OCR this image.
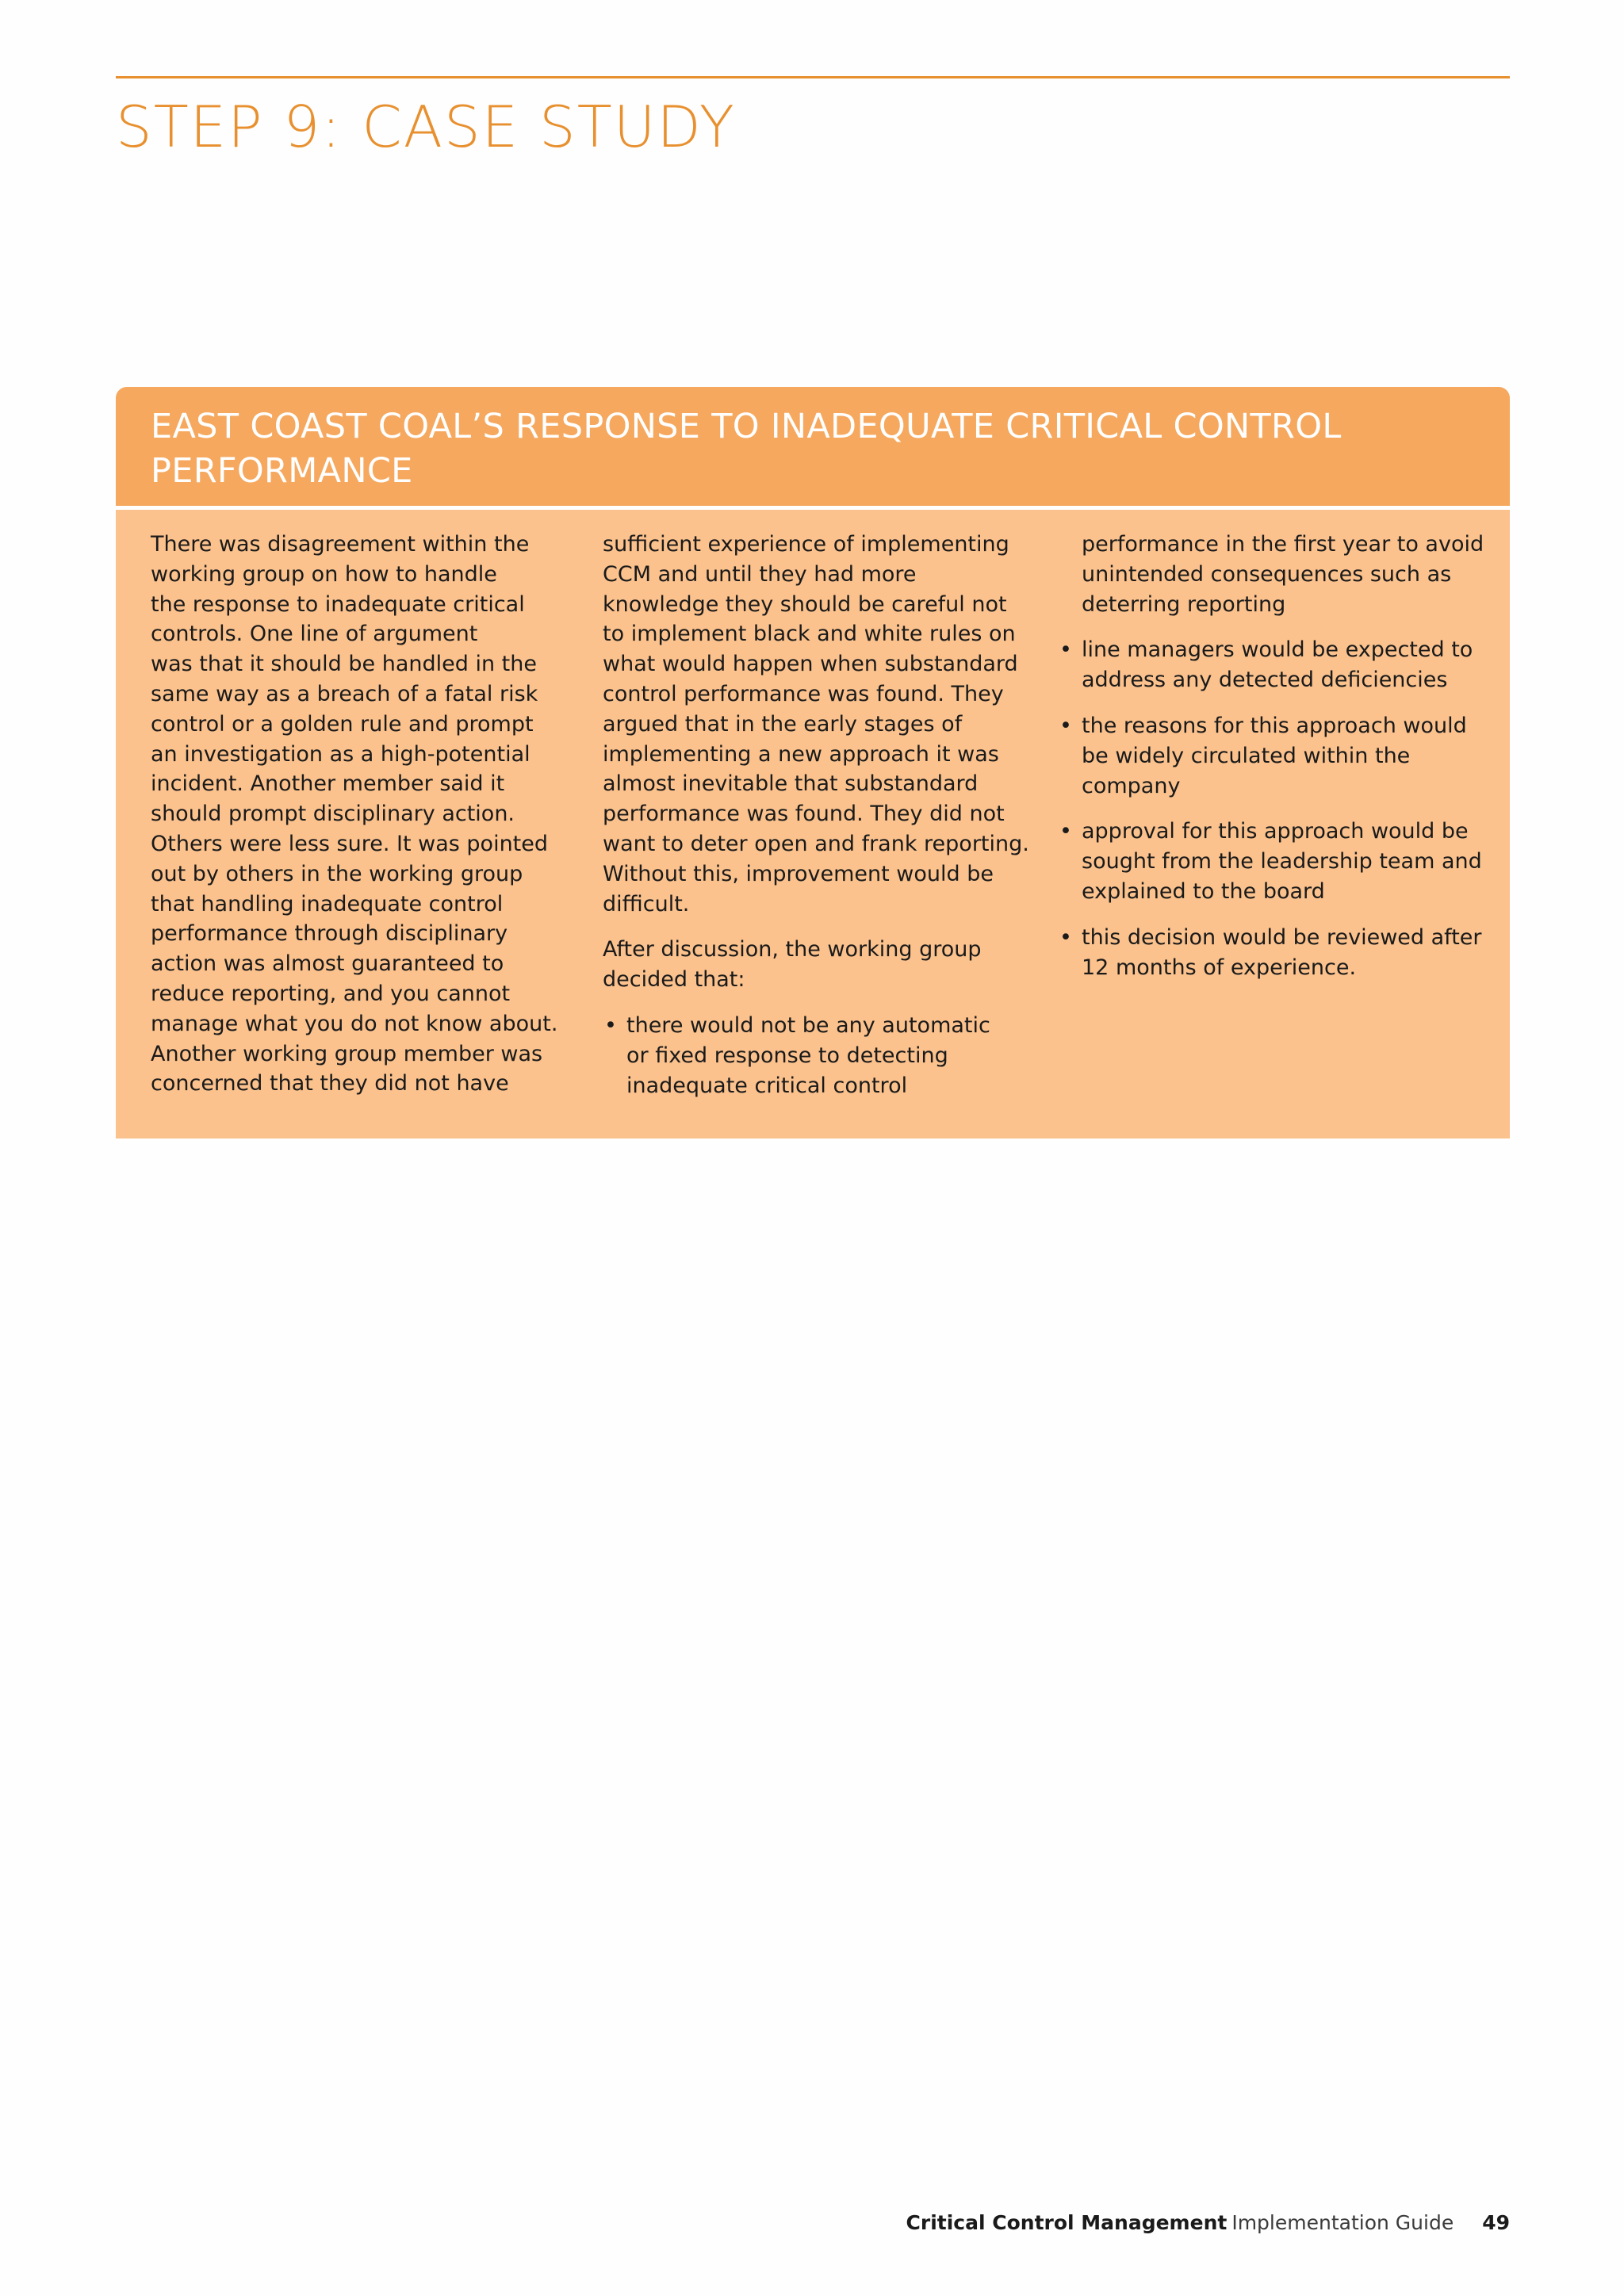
STEP 9: CASE STUDY
EAST COAST COAL’S RESPONSE TO INADEQUATE CRITICAL CONTROL
PERFORMANCE

There was disagreement within the
working group on how to handle
the response to inadequate critical
controls. One line of argument
was that it should be handled in the
same way as a breach of a fatal risk
control or a golden rule and prompt
an investigation as a high-potential
incident. Another member said it
should prompt disciplinary action.
Others were less sure. It was pointed
out by others in the working group
that handling inadequate control
performance through disciplinary
action was almost guaranteed to
reduce reporting, and you cannot
manage what you do not know about.
Another working group member was
concerned that they did not have

sufficient experience of implementing
CCM and until they had more
knowledge they should be careful not
to implement black and white rules on
what would happen when substandard
control performance was found. They
argued that in the early stages of
implementing a new approach it was
almost inevitable that substandard
performance was found. They did not
want to deter open and frank reporting.
Without this, improvement would be
difficult.

After discussion, the working group
decided that:

• there would not be any automatic
or fixed response to detecting
inadequate critical control

performance in the first year to avoid
unintended consequences such as
deterring reporting

• line managers would be expected to
address any detected deficiencies
• the reasons for this approach would
be widely circulated within the
company
• approval for this approach would be
sought from the leadership team and
explained to the board
• this decision would be reviewed after
12 months of experience.
Critical Control Management Implementation Guide 49
